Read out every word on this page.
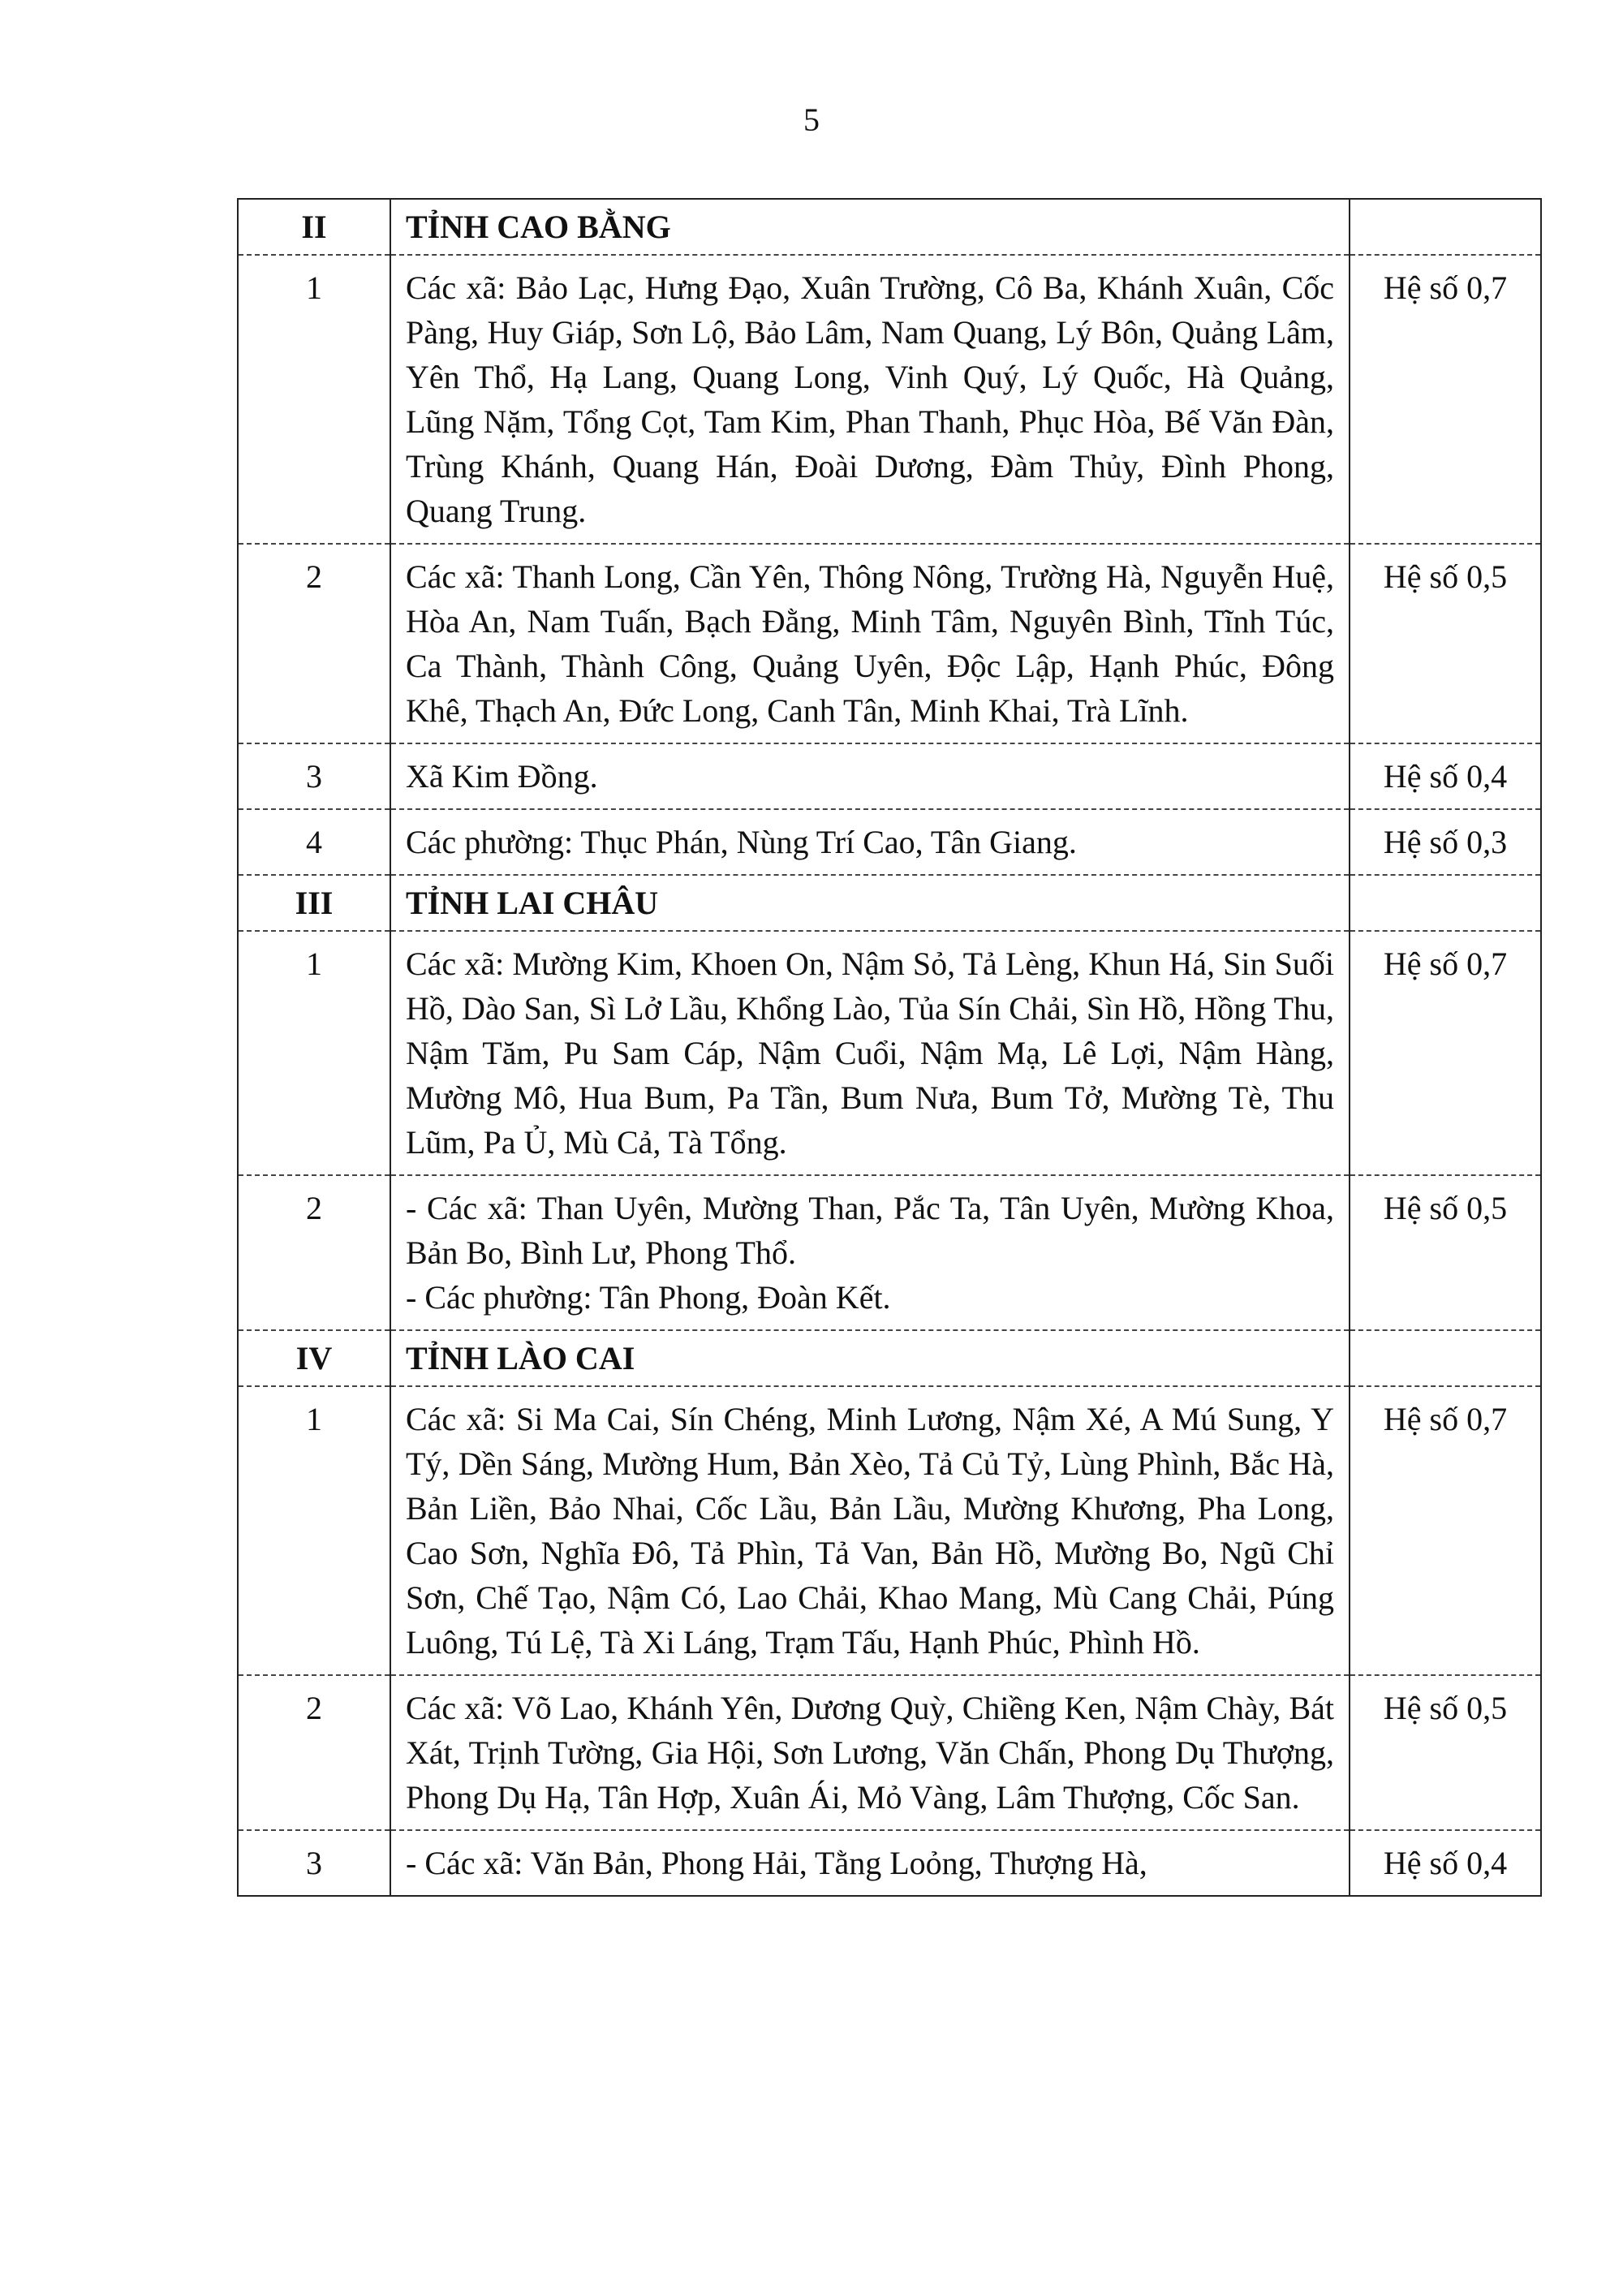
5
II	TỈNH CAO BẰNG	
1	Các xã: Bảo Lạc, Hưng Đạo, Xuân Trường, Cô Ba, Khánh Xuân, Cốc Pàng, Huy Giáp, Sơn Lộ, Bảo Lâm, Nam Quang, Lý Bôn, Quảng Lâm, Yên Thổ, Hạ Lang, Quang Long, Vinh Quý, Lý Quốc, Hà Quảng, Lũng Nặm, Tổng Cọt, Tam Kim, Phan Thanh, Phục Hòa, Bế Văn Đàn, Trùng Khánh, Quang Hán, Đoài Dương, Đàm Thủy, Đình Phong, Quang Trung.	Hệ số 0,7
2	Các xã: Thanh Long, Cần Yên, Thông Nông, Trường Hà, Nguyễn Huệ, Hòa An, Nam Tuấn, Bạch Đằng, Minh Tâm, Nguyên Bình, Tĩnh Túc, Ca Thành, Thành Công, Quảng Uyên, Độc Lập, Hạnh Phúc, Đông Khê, Thạch An, Đức Long, Canh Tân, Minh Khai, Trà Lĩnh.	Hệ số 0,5
3	Xã Kim Đồng.	Hệ số 0,4
4	Các phường: Thục Phán, Nùng Trí Cao, Tân Giang.	Hệ số 0,3
III	TỈNH LAI CHÂU	
1	Các xã: Mường Kim, Khoen On, Nậm Sỏ, Tả Lèng, Khun Há, Sin Suối Hồ, Dào San, Sì Lở Lầu, Khổng Lào, Tủa Sín Chải, Sìn Hồ, Hồng Thu, Nậm Tăm, Pu Sam Cáp, Nậm Cuổi, Nậm Mạ, Lê Lợi, Nậm Hàng, Mường Mô, Hua Bum, Pa Tần, Bum Nưa, Bum Tở, Mường Tè, Thu Lũm, Pa Ủ, Mù Cả, Tà Tổng.	Hệ số 0,7
2	- Các xã: Than Uyên, Mường Than, Pắc Ta, Tân Uyên, Mường Khoa, Bản Bo, Bình Lư, Phong Thổ.

- Các phường: Tân Phong, Đoàn Kết.	Hệ số 0,5
IV	TỈNH LÀO CAI	
1	Các xã: Si Ma Cai, Sín Chéng, Minh Lương, Nậm Xé, A Mú Sung, Y Tý, Dền Sáng, Mường Hum, Bản Xèo, Tả Củ Tỷ, Lùng Phình, Bắc Hà, Bản Liền, Bảo Nhai, Cốc Lầu, Bản Lầu, Mường Khương, Pha Long, Cao Sơn, Nghĩa Đô, Tả Phìn, Tả Van, Bản Hồ, Mường Bo, Ngũ Chỉ Sơn, Chế Tạo, Nậm Có, Lao Chải, Khao Mang, Mù Cang Chải, Púng Luông, Tú Lệ, Tà Xi Láng, Trạm Tấu, Hạnh Phúc, Phình Hồ.	Hệ số 0,7
2	Các xã: Võ Lao, Khánh Yên, Dương Quỳ, Chiềng Ken, Nậm Chày, Bát Xát, Trịnh Tường, Gia Hội, Sơn Lương, Văn Chấn, Phong Dụ Thượng, Phong Dụ Hạ, Tân Hợp, Xuân Ái, Mỏ Vàng, Lâm Thượng, Cốc San.	Hệ số 0,5
3	- Các xã: Văn Bản, Phong Hải, Tằng Loỏng, Thượng Hà,	Hệ số 0,4
